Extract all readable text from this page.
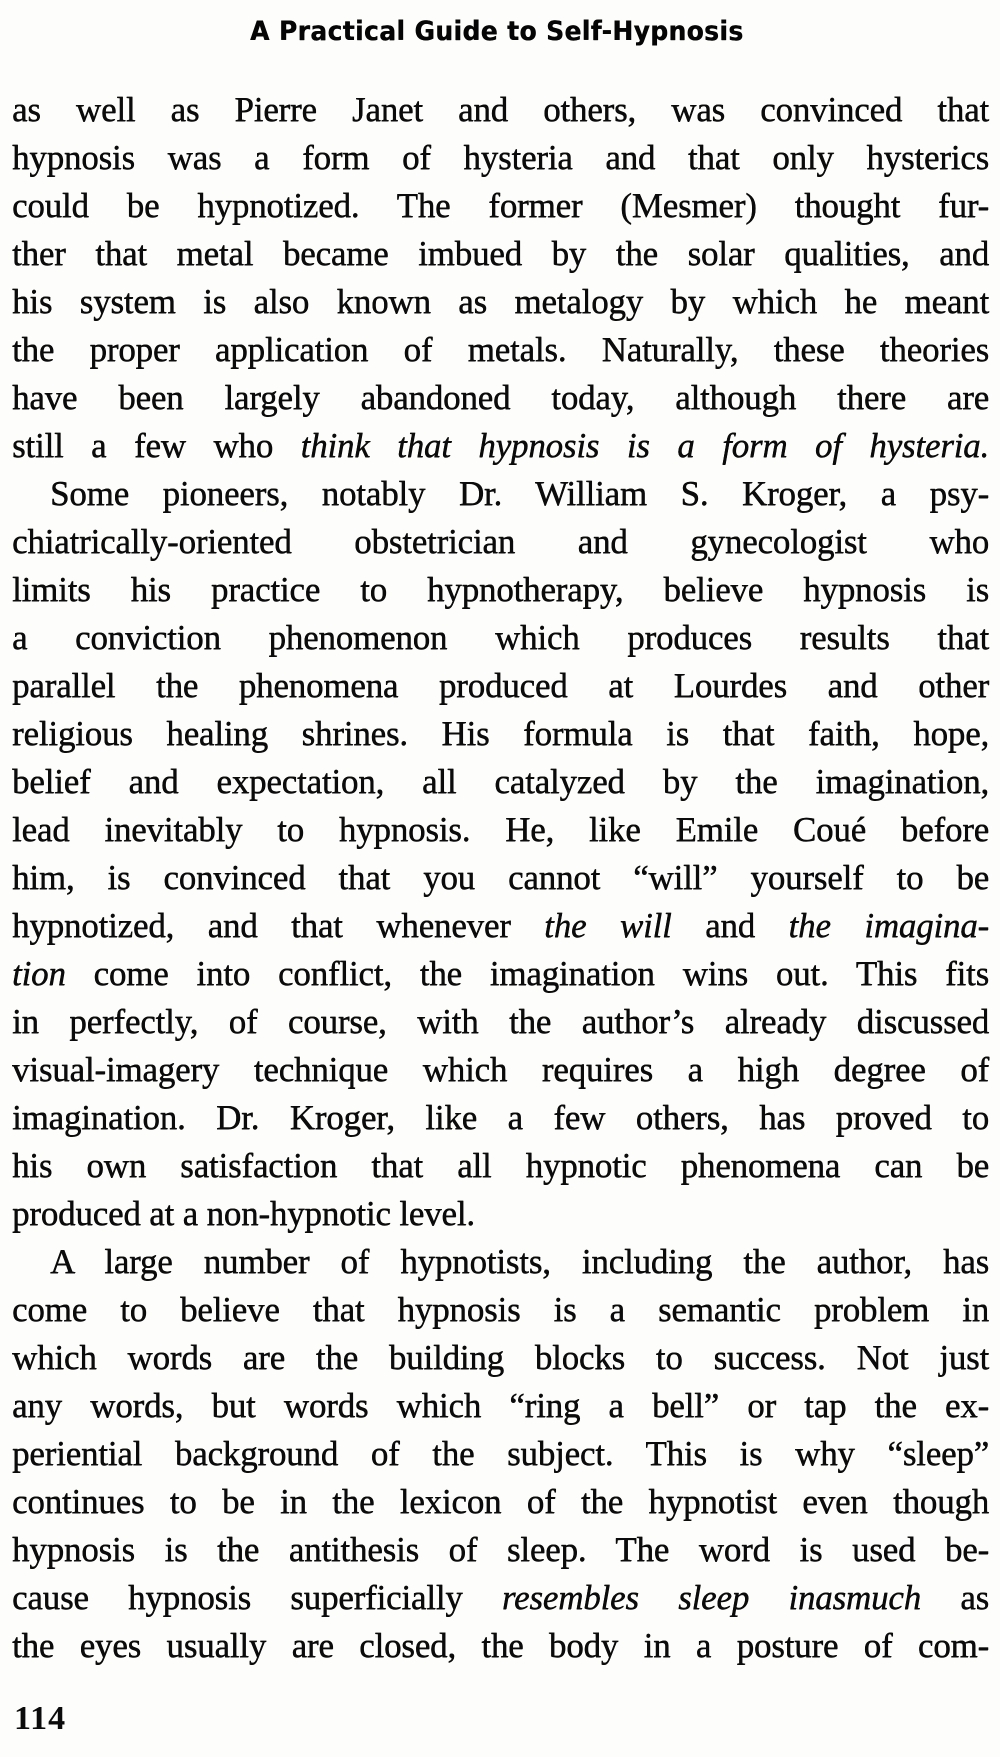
A Practical Guide to Self-Hypnosis
as well as Pierre Janet and others, was convinced that
hypnosis was a form of hysteria and that only hysterics
could be hypnotized. The former (Mesmer) thought fur-
ther that metal became imbued by the solar qualities, and
his system is also known as metalogy by which he meant
the proper application of metals. Naturally, these theories
have been largely abandoned today, although there are
still a few who think that hypnosis is a form of hysteria.
Some pioneers, notably Dr. William S. Kroger, a psy-
chiatrically-oriented obstetrician and gynecologist who
limits his practice to hypnotherapy, believe hypnosis is
a conviction phenomenon which produces results that
parallel the phenomena produced at Lourdes and other
religious healing shrines. His formula is that faith, hope,
belief and expectation, all catalyzed by the imagination,
lead inevitably to hypnosis. He, like Emile Coué before
him, is convinced that you cannot “will” yourself to be
hypnotized, and that whenever the will and the imagina-
tion come into conflict, the imagination wins out. This fits
in perfectly, of course, with the author’s already discussed
visual-imagery technique which requires a high degree of
imagination. Dr. Kroger, like a few others, has proved to
his own satisfaction that all hypnotic phenomena can be
produced at a non-hypnotic level.
A large number of hypnotists, including the author, has
come to believe that hypnosis is a semantic problem in
which words are the building blocks to success. Not just
any words, but words which “ring a bell” or tap the ex-
periential background of the subject. This is why “sleep”
continues to be in the lexicon of the hypnotist even though
hypnosis is the antithesis of sleep. The word is used be-
cause hypnosis superficially resembles sleep inasmuch as
the eyes usually are closed, the body in a posture of com-
114
